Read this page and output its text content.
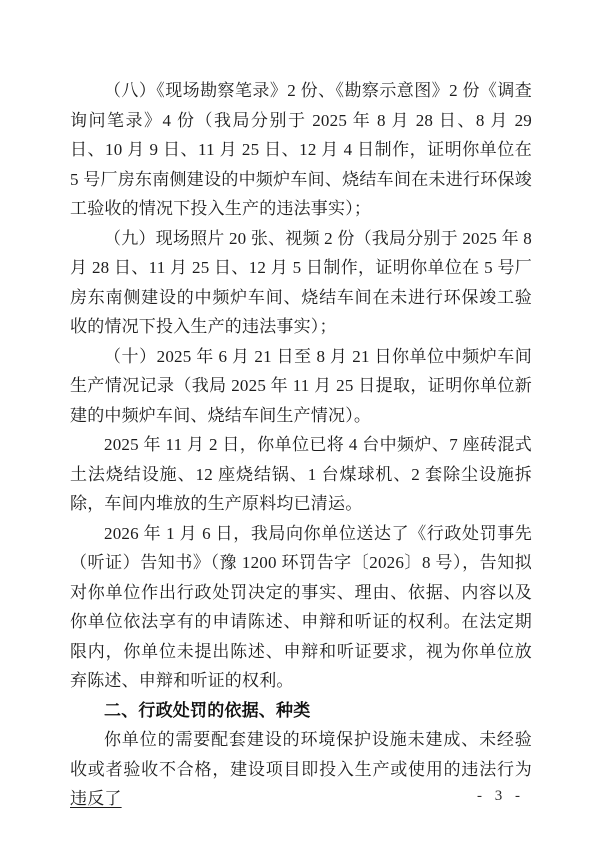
（八）《现场勘察笔录》2 份、《勘察示意图》2 份《调查询问笔录》4 份（我局分别于 2025 年 8 月 28 日、8 月 29 日、10 月 9 日、11 月 25 日、12 月 4 日制作，证明你单位在 5 号厂房东南侧建设的中频炉车间、烧结车间在未进行环保竣工验收的情况下投入生产的违法事实）；

（九）现场照片 20 张、视频 2 份（我局分别于 2025 年 8 月 28 日、11 月 25 日、12 月 5 日制作，证明你单位在 5 号厂房东南侧建设的中频炉车间、烧结车间在未进行环保竣工验收的情况下投入生产的违法事实）；

（十）2025 年 6 月 21 日至 8 月 21 日你单位中频炉车间生产情况记录（我局 2025 年 11 月 25 日提取，证明你单位新建的中频炉车间、烧结车间生产情况）。

2025 年 11 月 2 日，你单位已将 4 台中频炉、7 座砖混式土法烧结设施、12 座烧结锅、1 台煤球机、2 套除尘设施拆除，车间内堆放的生产原料均已清运。

2026 年 1 月 6 日，我局向你单位送达了《行政处罚事先（听证）告知书》（豫 1200 环罚告字〔2026〕8 号），告知拟对你单位作出行政处罚决定的事实、理由、依据、内容以及你单位依法享有的申请陈述、申辩和听证的权利。在法定期限内，你单位未提出陈述、申辩和听证要求，视为你单位放弃陈述、申辩和听证的权利。

二、行政处罚的依据、种类

你单位的需要配套建设的环境保护设施未建成、未经验收或者验收不合格，建设项目即投入生产或使用的违法行为违反了	- 3 -
